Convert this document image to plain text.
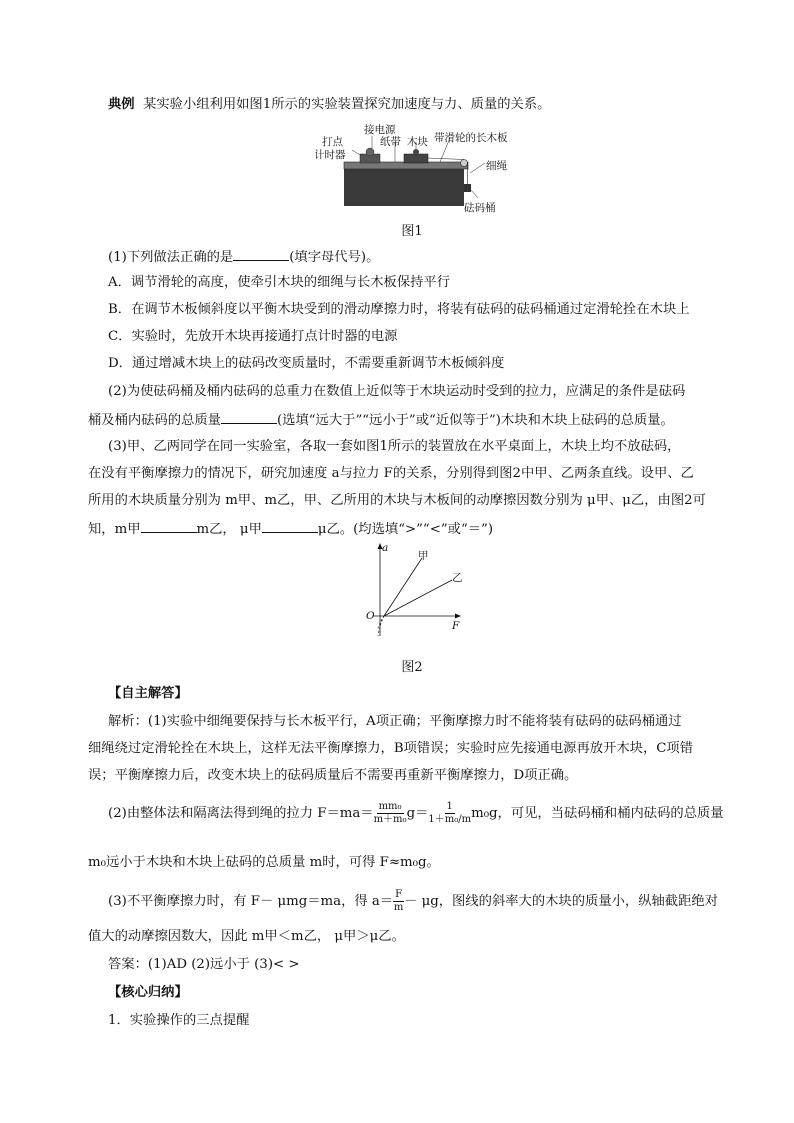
典例 某实验小组利用如图1所示的实验装置探究加速度与力、质量的关系。
接电源
打点
计时器
纸带 木块 带滑轮的长木板
细绳
砝码桶
图1
(1)下列做法正确的是	(填字母代号)。
A．调节滑轮的高度，使牵引木块的细绳与长木板保持平行
B．在调节木板倾斜度以平衡木块受到的滑动摩擦力时，将装有砝码的砝码桶通过定滑轮拴在木块上
C．实验时，先放开木块再接通打点计时器的电源
D．通过增减木块上的砝码改变质量时，不需要重新调节木板倾斜度
(2)为使砝码桶及桶内砝码的总重力在数值上近似等于木块运动时受到的拉力，应满足的条件是砝码
桶及桶内砝码的总质量	(选填“远大于”“远小于”或“近似等于”)木块和木块上砝码的总质量。
(3)甲、乙两同学在同一实验室，各取一套如图1所示的装置放在水平桌面上，木块上均不放砝码，
在没有平衡摩擦力的情况下，研究加速度 a与拉力 F的关系，分别得到图2中甲、乙两条直线。设甲、乙
所用的木块质量分别为 m甲、m乙，甲、乙所用的木块与木板间的动摩擦因数分别为 μ甲、μ乙，由图2可
知，m甲	m乙， μ甲	μ乙。(均选填“>”“<”或“＝”)
a
F
O
甲
乙
图2
【自主解答】
解析：(1)实验中细绳要保持与长木板平行，A项正确；平衡摩擦力时不能将装有砝码的砝码桶通过
细绳绕过定滑轮拴在木块上，这样无法平衡摩擦力，B项错误；实验时应先接通电源再放开木块，C项错
误；平衡摩擦力后，改变木块上的砝码质量后不需要再重新平衡摩擦力，D项正确。
(2)由整体法和隔离法得到绳的拉力 $F=ma= \frac{\text{mm₀}}{\text{m＋m₀}} g= \frac{1}{\text{1＋m₀/m}} m_0g$，可见，当砝码桶和桶内砝码的总质量
m₀远小于木块和木块上砝码的总质量 m时，可得 F≈m₀g。
(3)不平衡摩擦力时，有 F－ μmg＝ma，得 $a= \frac{F}{m} - \mu g$，图线的斜率大的木块的质量小，纵轴截距绝对
值大的动摩擦因数大，因此 m甲＜m乙， μ甲＞μ乙。
答案：(1)AD (2)远小于 (3)< >
【核心归纳】
1．实验操作的三点提醒
